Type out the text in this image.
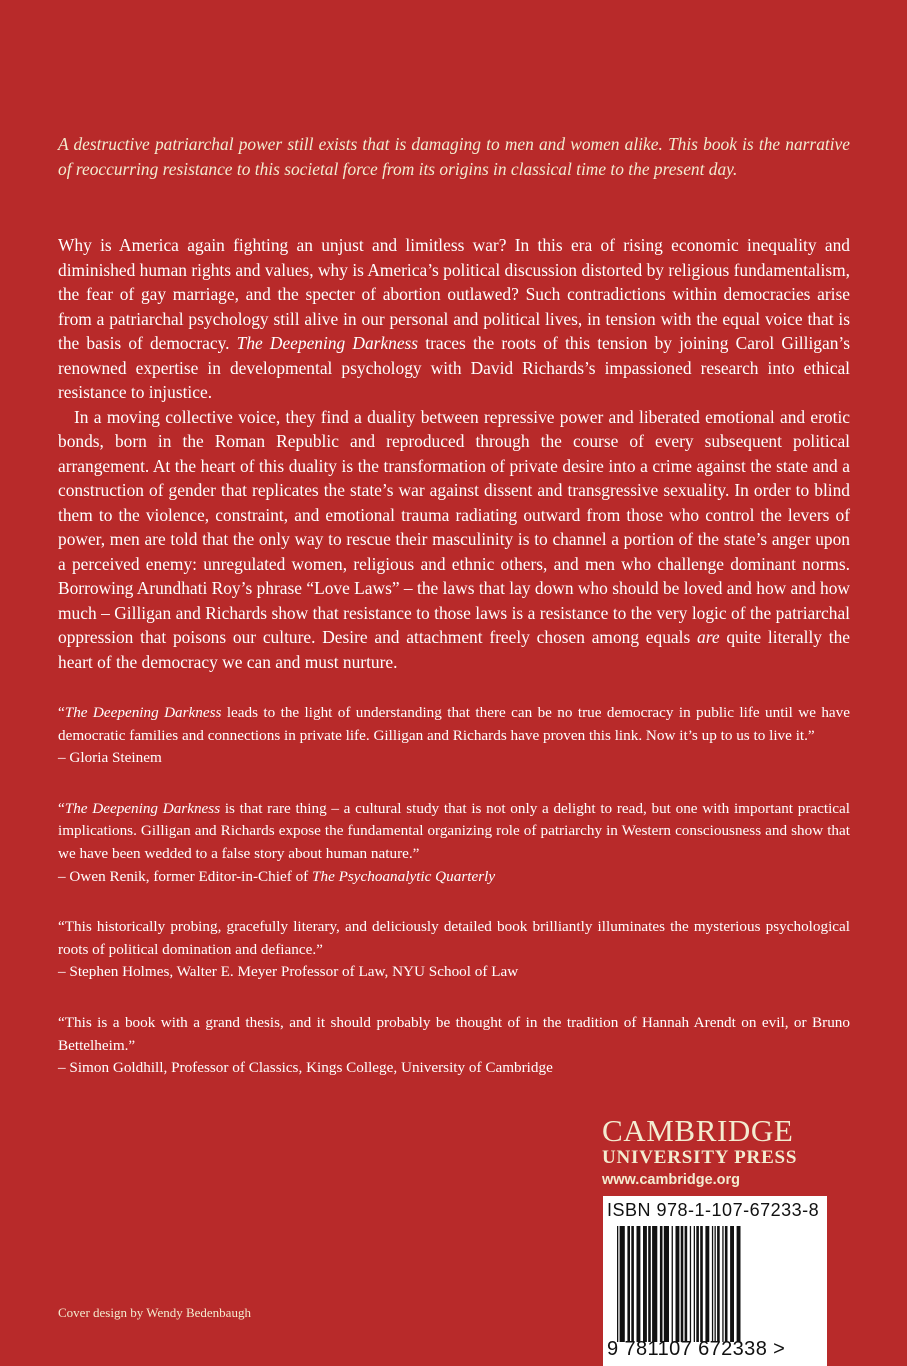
A destructive patriarchal power still exists that is damaging to men and women alike. This book is the narrative of reoccurring resistance to this societal force from its origins in classical time to the present day.

Why is America again fighting an unjust and limitless war? In this era of rising economic inequality and diminished human rights and values, why is America’s political discussion distorted by religious fundamentalism, the fear of gay marriage, and the specter of abortion outlawed? Such contradictions within democracies arise from a patriarchal psychology still alive in our personal and political lives, in tension with the equal voice that is the basis of democracy. The Deepening Darkness traces the roots of this tension by joining Carol Gilligan’s renowned expertise in developmental psychology with David Richards’s impassioned research into ethical resistance to injustice.

In a moving collective voice, they find a duality between repressive power and liberated emotional and erotic bonds, born in the Roman Republic and reproduced through the course of every subsequent political arrangement. At the heart of this duality is the transformation of private desire into a crime against the state and a construction of gender that replicates the state’s war against dissent and transgressive sexuality. In order to blind them to the violence, constraint, and emotional trauma radiating outward from those who control the levers of power, men are told that the only way to rescue their masculinity is to channel a portion of the state’s anger upon a perceived enemy: unregulated women, religious and ethnic others, and men who challenge dominant norms. Borrowing Arundhati Roy’s phrase “Love Laws” – the laws that lay down who should be loved and how and how much – Gilligan and Richards show that resistance to those laws is a resistance to the very logic of the patriarchal oppression that poisons our culture. Desire and attachment freely chosen among equals are quite literally the heart of the democracy we can and must nurture.

“The Deepening Darkness leads to the light of understanding that there can be no true democracy in public life until we have democratic families and connections in private life. Gilligan and Richards have proven this link. Now it’s up to us to live it.”
– Gloria Steinem
“The Deepening Darkness is that rare thing – a cultural study that is not only a delight to read, but one with important practical implications. Gilligan and Richards expose the fundamental organizing role of patriarchy in Western consciousness and show that we have been wedded to a false story about human nature.”
– Owen Renik, former Editor-in-Chief of The Psychoanalytic Quarterly
“This historically probing, gracefully literary, and deliciously detailed book brilliantly illuminates the mysterious psychological roots of political domination and defiance.”
– Stephen Holmes, Walter E. Meyer Professor of Law, NYU School of Law
“This is a book with a grand thesis, and it should probably be thought of in the tradition of Hannah Arendt on evil, or Bruno Bettelheim.”
– Simon Goldhill, Professor of Classics, Kings College, University of Cambridge
CAMBRIDGE
UNIVERSITY PRESS
www.cambridge.org
ISBN 978-1-107-67233-8
9 781107 672338 >
Cover design by Wendy Bedenbaugh
